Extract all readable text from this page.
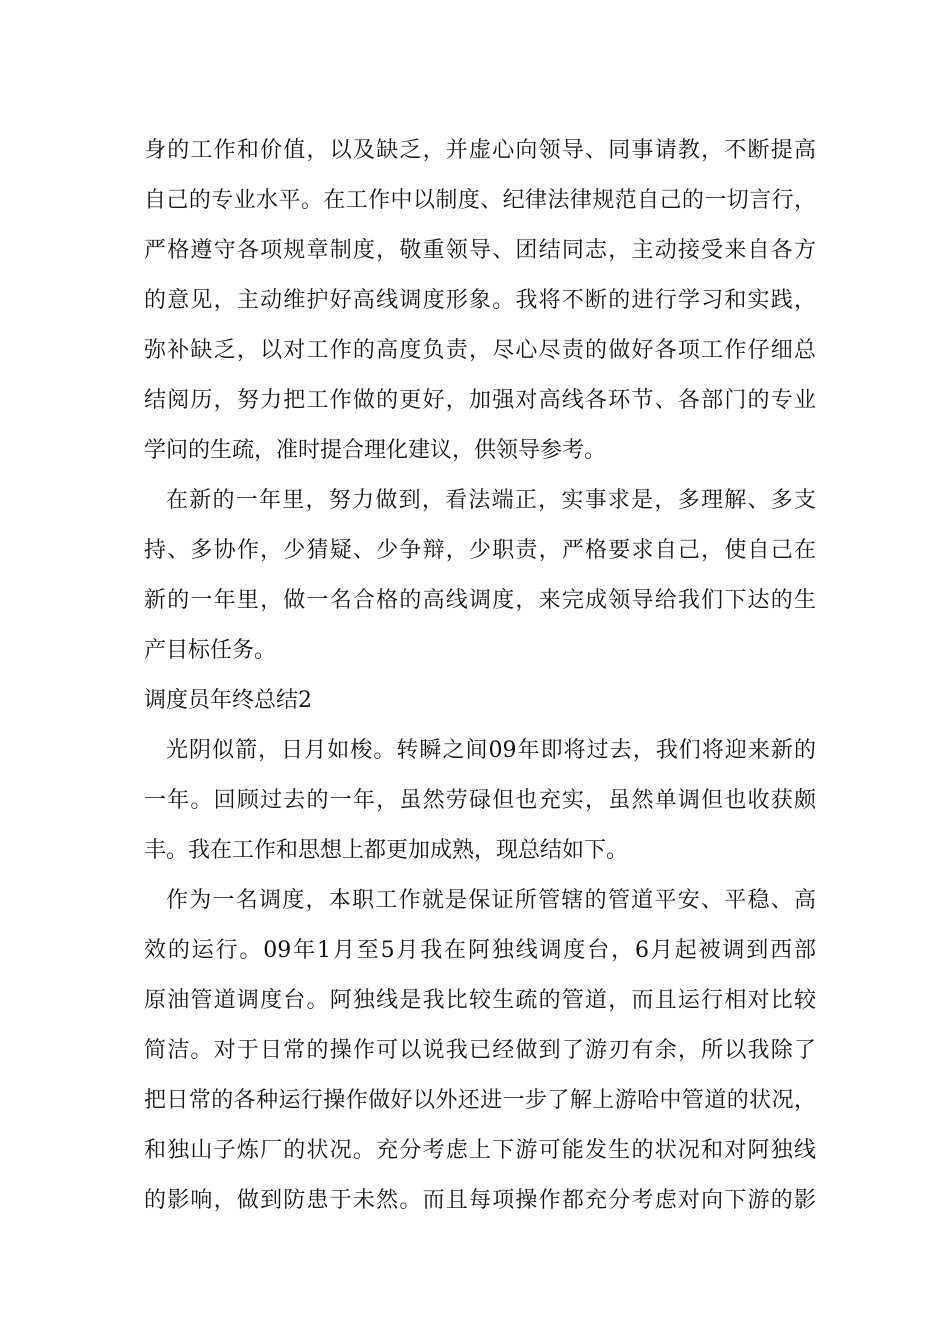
身的工作和价值，以及缺乏，并虚心向领导、同事请教，不断提高
自己的专业水平。在工作中以制度、纪律法律规范自己的一切言行，
严格遵守各项规章制度，敬重领导、团结同志，主动接受来自各方
的意见，主动维护好高线调度形象。我将不断的进行学习和实践，
弥补缺乏，以对工作的高度负责，尽心尽责的做好各项工作仔细总
结阅历，努力把工作做的更好，加强对高线各环节、各部门的专业
学问的生疏，准时提合理化建议，供领导参考。
在新的一年里，努力做到，看法端正，实事求是，多理解、多支
持、多协作，少猜疑、少争辩，少职责，严格要求自己，使自己在
新的一年里，做一名合格的高线调度，来完成领导给我们下达的生
产目标任务。
调度员年终总结2
光阴似箭，日月如梭。转瞬之间09年即将过去，我们将迎来新的
一年。回顾过去的一年，虽然劳碌但也充实，虽然单调但也收获颇
丰。我在工作和思想上都更加成熟，现总结如下。
作为一名调度，本职工作就是保证所管辖的管道平安、平稳、高
效的运行。09年1月至5月我在阿独线调度台，6月起被调到西部
原油管道调度台。阿独线是我比较生疏的管道，而且运行相对比较
简洁。对于日常的操作可以说我已经做到了游刃有余，所以我除了
把日常的各种运行操作做好以外还进一步了解上游哈中管道的状况，
和独山子炼厂的状况。充分考虑上下游可能发生的状况和对阿独线
的影响，做到防患于未然。而且每项操作都充分考虑对向下游的影
